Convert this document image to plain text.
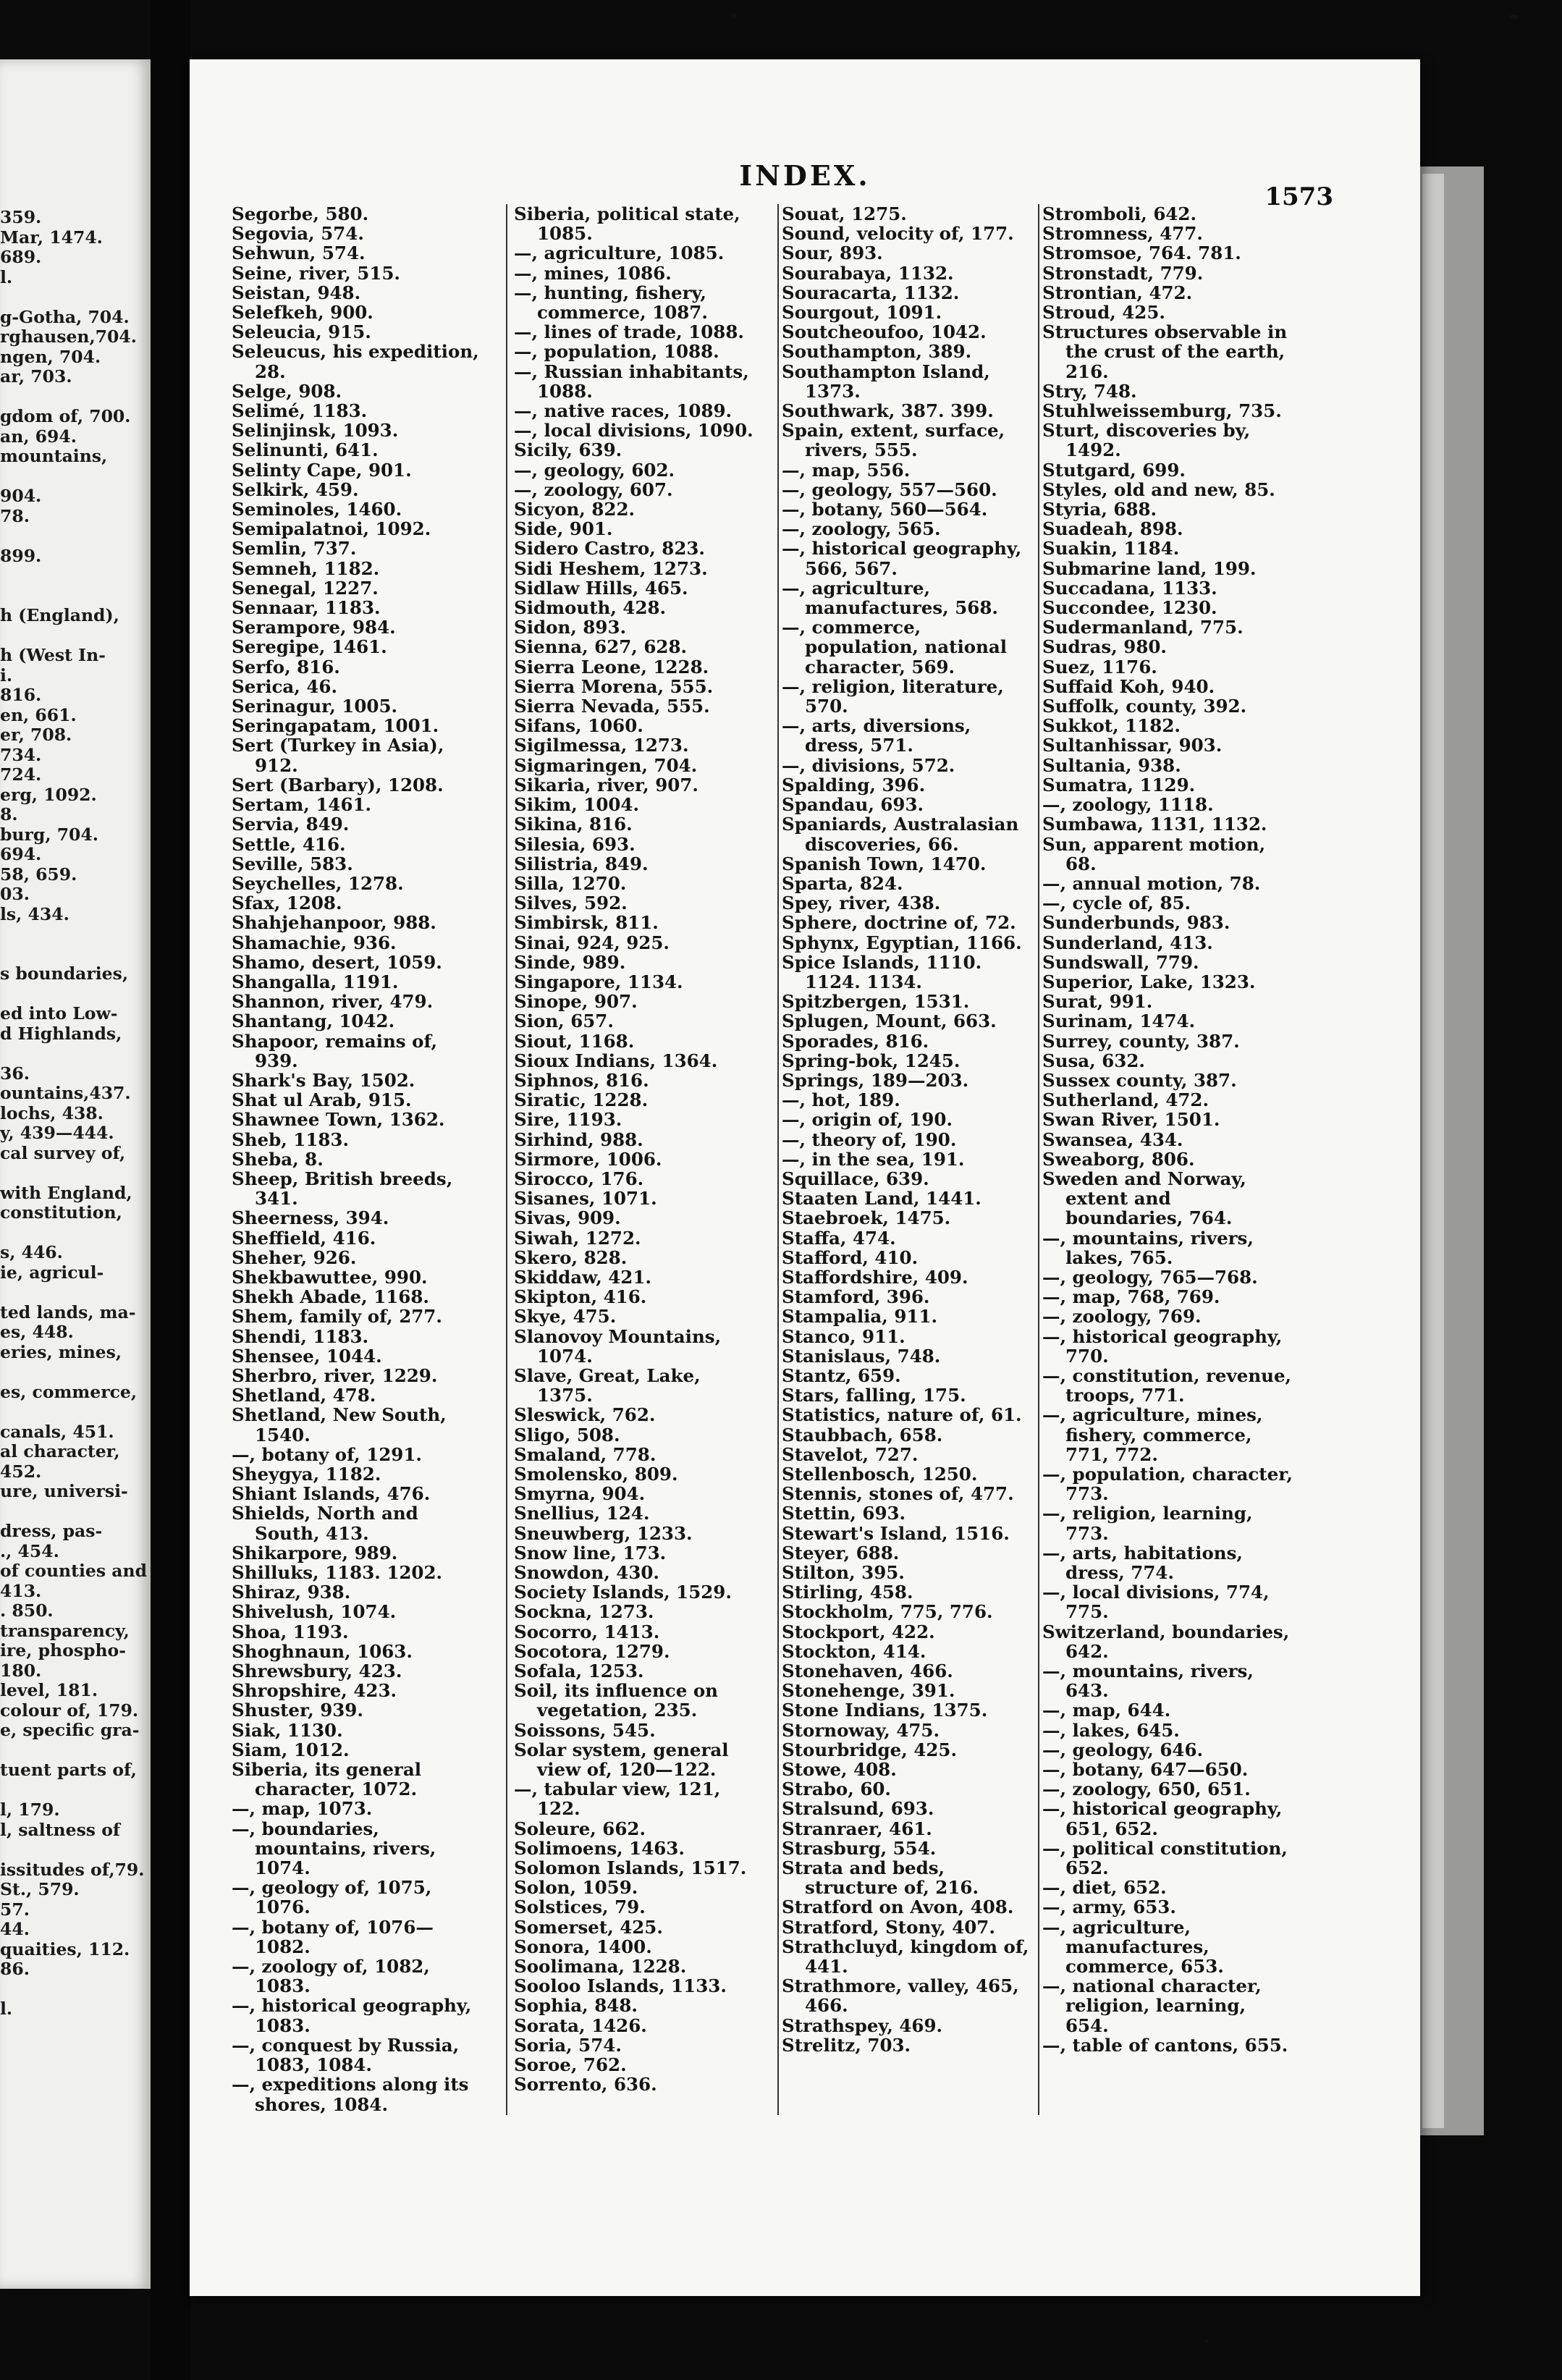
359.
Mar, 1474.
689.
l.
g-Gotha, 704.
rghausen,704.
ngen, 704.
ar, 703.
gdom of, 700.
an, 694.
mountains,
904.
78.
899.
h (England),
h (West In-
i.
816.
en, 661.
er, 708.
734.
724.
erg, 1092.
8.
burg, 704.
694.
58, 659.
03.
ls, 434.
s boundaries,
ed into Low-
d Highlands,
36.
ountains,437.
lochs, 438.
y, 439—444.
cal survey of,
with England,
constitution,
s, 446.
ie, agricul-
ted lands, ma-
es, 448.
eries, mines,
es, commerce,
canals, 451.
al character,
452.
ure, universi-
dress, pas-
., 454.
of counties and
413.
. 850.
transparency,
ire, phospho-
180.
level, 181.
colour of, 179.
e, specific gra-
tuent parts of,
l, 179.
l, saltness of
issitudes of,79.
St., 579.
57.
44.
quaities, 112.
86.
l.
INDEX.
1573
Segorbe, 580.
Segovia, 574.
Sehwun, 574.
Seine, river, 515.
Seistan, 948.
Selefkeh, 900.
Seleucia, 915.
Seleucus, his expedition, 28.
Selge, 908.
Selimé, 1183.
Selinjinsk, 1093.
Selinunti, 641.
Selinty Cape, 901.
Selkirk, 459.
Seminoles, 1460.
Semipalatnoi, 1092.
Semlin, 737.
Semneh, 1182.
Senegal, 1227.
Sennaar, 1183.
Serampore, 984.
Seregipe, 1461.
Serfo, 816.
Serica, 46.
Serinagur, 1005.
Seringapatam, 1001.
Sert (Turkey in Asia), 912.
Sert (Barbary), 1208.
Sertam, 1461.
Servia, 849.
Settle, 416.
Seville, 583.
Seychelles, 1278.
Sfax, 1208.
Shahjehanpoor, 988.
Shamachie, 936.
Shamo, desert, 1059.
Shangalla, 1191.
Shannon, river, 479.
Shantang, 1042.
Shapoor, remains of, 939.
Shark's Bay, 1502.
Shat ul Arab, 915.
Shawnee Town, 1362.
Sheb, 1183.
Sheba, 8.
Sheep, British breeds, 341.
Sheerness, 394.
Sheffield, 416.
Sheher, 926.
Shekbawuttee, 990.
Shekh Abade, 1168.
Shem, family of, 277.
Shendi, 1183.
Shensee, 1044.
Sherbro, river, 1229.
Shetland, 478.
Shetland, New South, 1540.
—, botany of, 1291.
Sheygya, 1182.
Shiant Islands, 476.
Shields, North and South, 413.
Shikarpore, 989.
Shilluks, 1183. 1202.
Shiraz, 938.
Shivelush, 1074.
Shoa, 1193.
Shoghnaun, 1063.
Shrewsbury, 423.
Shropshire, 423.
Shuster, 939.
Siak, 1130.
Siam, 1012.
Siberia, its general character, 1072.
—, map, 1073.
—, boundaries, mountains, rivers, 1074.
—, geology of, 1075, 1076.
—, botany of, 1076—1082.
—, zoology of, 1082, 1083.
—, historical geography, 1083.
—, conquest by Russia, 1083, 1084.
—, expeditions along its shores, 1084.
Siberia, political state, 1085.
—, agriculture, 1085.
—, mines, 1086.
—, hunting, fishery, commerce, 1087.
—, lines of trade, 1088.
—, population, 1088.
—, Russian inhabitants, 1088.
—, native races, 1089.
—, local divisions, 1090.
Sicily, 639.
—, geology, 602.
—, zoology, 607.
Sicyon, 822.
Side, 901.
Sidero Castro, 823.
Sidi Heshem, 1273.
Sidlaw Hills, 465.
Sidmouth, 428.
Sidon, 893.
Sienna, 627, 628.
Sierra Leone, 1228.
Sierra Morena, 555.
Sierra Nevada, 555.
Sifans, 1060.
Sigilmessa, 1273.
Sigmaringen, 704.
Sikaria, river, 907.
Sikim, 1004.
Sikina, 816.
Silesia, 693.
Silistria, 849.
Silla, 1270.
Silves, 592.
Simbirsk, 811.
Sinai, 924, 925.
Sinde, 989.
Singapore, 1134.
Sinope, 907.
Sion, 657.
Siout, 1168.
Sioux Indians, 1364.
Siphnos, 816.
Siratic, 1228.
Sire, 1193.
Sirhind, 988.
Sirmore, 1006.
Sirocco, 176.
Sisanes, 1071.
Sivas, 909.
Siwah, 1272.
Skero, 828.
Skiddaw, 421.
Skipton, 416.
Skye, 475.
Slanovoy Mountains, 1074.
Slave, Great, Lake, 1375.
Sleswick, 762.
Sligo, 508.
Smaland, 778.
Smolensko, 809.
Smyrna, 904.
Snellius, 124.
Sneuwberg, 1233.
Snow line, 173.
Snowdon, 430.
Society Islands, 1529.
Sockna, 1273.
Socorro, 1413.
Socotora, 1279.
Sofala, 1253.
Soil, its influence on vegetation, 235.
Soissons, 545.
Solar system, general view of, 120—122.
—, tabular view, 121, 122.
Soleure, 662.
Solimoens, 1463.
Solomon Islands, 1517.
Solon, 1059.
Solstices, 79.
Somerset, 425.
Sonora, 1400.
Soolimana, 1228.
Sooloo Islands, 1133.
Sophia, 848.
Sorata, 1426.
Soria, 574.
Soroe, 762.
Sorrento, 636.
Souat, 1275.
Sound, velocity of, 177.
Sour, 893.
Sourabaya, 1132.
Souracarta, 1132.
Sourgout, 1091.
Soutcheoufoo, 1042.
Southampton, 389.
Southampton Island, 1373.
Southwark, 387. 399.
Spain, extent, surface, rivers, 555.
—, map, 556.
—, geology, 557—560.
—, botany, 560—564.
—, zoology, 565.
—, historical geography, 566, 567.
—, agriculture, manufactures, 568.
—, commerce, population, national character, 569.
—, religion, literature, 570.
—, arts, diversions, dress, 571.
—, divisions, 572.
Spalding, 396.
Spandau, 693.
Spaniards, Australasian discoveries, 66.
Spanish Town, 1470.
Sparta, 824.
Spey, river, 438.
Sphere, doctrine of, 72.
Sphynx, Egyptian, 1166.
Spice Islands, 1110. 1124. 1134.
Spitzbergen, 1531.
Splugen, Mount, 663.
Sporades, 816.
Spring-bok, 1245.
Springs, 189—203.
—, hot, 189.
—, origin of, 190.
—, theory of, 190.
—, in the sea, 191.
Squillace, 639.
Staaten Land, 1441.
Staebroek, 1475.
Staffa, 474.
Stafford, 410.
Staffordshire, 409.
Stamford, 396.
Stampalia, 911.
Stanco, 911.
Stanislaus, 748.
Stantz, 659.
Stars, falling, 175.
Statistics, nature of, 61.
Staubbach, 658.
Stavelot, 727.
Stellenbosch, 1250.
Stennis, stones of, 477.
Stettin, 693.
Stewart's Island, 1516.
Steyer, 688.
Stilton, 395.
Stirling, 458.
Stockholm, 775, 776.
Stockport, 422.
Stockton, 414.
Stonehaven, 466.
Stonehenge, 391.
Stone Indians, 1375.
Stornoway, 475.
Stourbridge, 425.
Stowe, 408.
Strabo, 60.
Stralsund, 693.
Stranraer, 461.
Strasburg, 554.
Strata and beds, structure of, 216.
Stratford on Avon, 408.
Stratford, Stony, 407.
Strathcluyd, kingdom of, 441.
Strathmore, valley, 465, 466.
Strathspey, 469.
Strelitz, 703.
Stromboli, 642.
Stromness, 477.
Stromsoe, 764. 781.
Stronstadt, 779.
Strontian, 472.
Stroud, 425.
Structures observable in the crust of the earth, 216.
Stry, 748.
Stuhlweissemburg, 735.
Sturt, discoveries by, 1492.
Stutgard, 699.
Styles, old and new, 85.
Styria, 688.
Suadeah, 898.
Suakin, 1184.
Submarine land, 199.
Succadana, 1133.
Succondee, 1230.
Sudermanland, 775.
Sudras, 980.
Suez, 1176.
Suffaid Koh, 940.
Suffolk, county, 392.
Sukkot, 1182.
Sultanhissar, 903.
Sultania, 938.
Sumatra, 1129.
—, zoology, 1118.
Sumbawa, 1131, 1132.
Sun, apparent motion, 68.
—, annual motion, 78.
—, cycle of, 85.
Sunderbunds, 983.
Sunderland, 413.
Sundswall, 779.
Superior, Lake, 1323.
Surat, 991.
Surinam, 1474.
Surrey, county, 387.
Susa, 632.
Sussex county, 387.
Sutherland, 472.
Swan River, 1501.
Swansea, 434.
Sweaborg, 806.
Sweden and Norway, extent and boundaries, 764.
—, mountains, rivers, lakes, 765.
—, geology, 765—768.
—, map, 768, 769.
—, zoology, 769.
—, historical geography, 770.
—, constitution, revenue, troops, 771.
—, agriculture, mines, fishery, commerce, 771, 772.
—, population, character, 773.
—, religion, learning, 773.
—, arts, habitations, dress, 774.
—, local divisions, 774, 775.
Switzerland, boundaries, 642.
—, mountains, rivers, 643.
—, map, 644.
—, lakes, 645.
—, geology, 646.
—, botany, 647—650.
—, zoology, 650, 651.
—, historical geography, 651, 652.
—, political constitution, 652.
—, diet, 652.
—, army, 653.
—, agriculture, manufactures, commerce, 653.
—, national character, religion, learning, 654.
—, table of cantons, 655.
